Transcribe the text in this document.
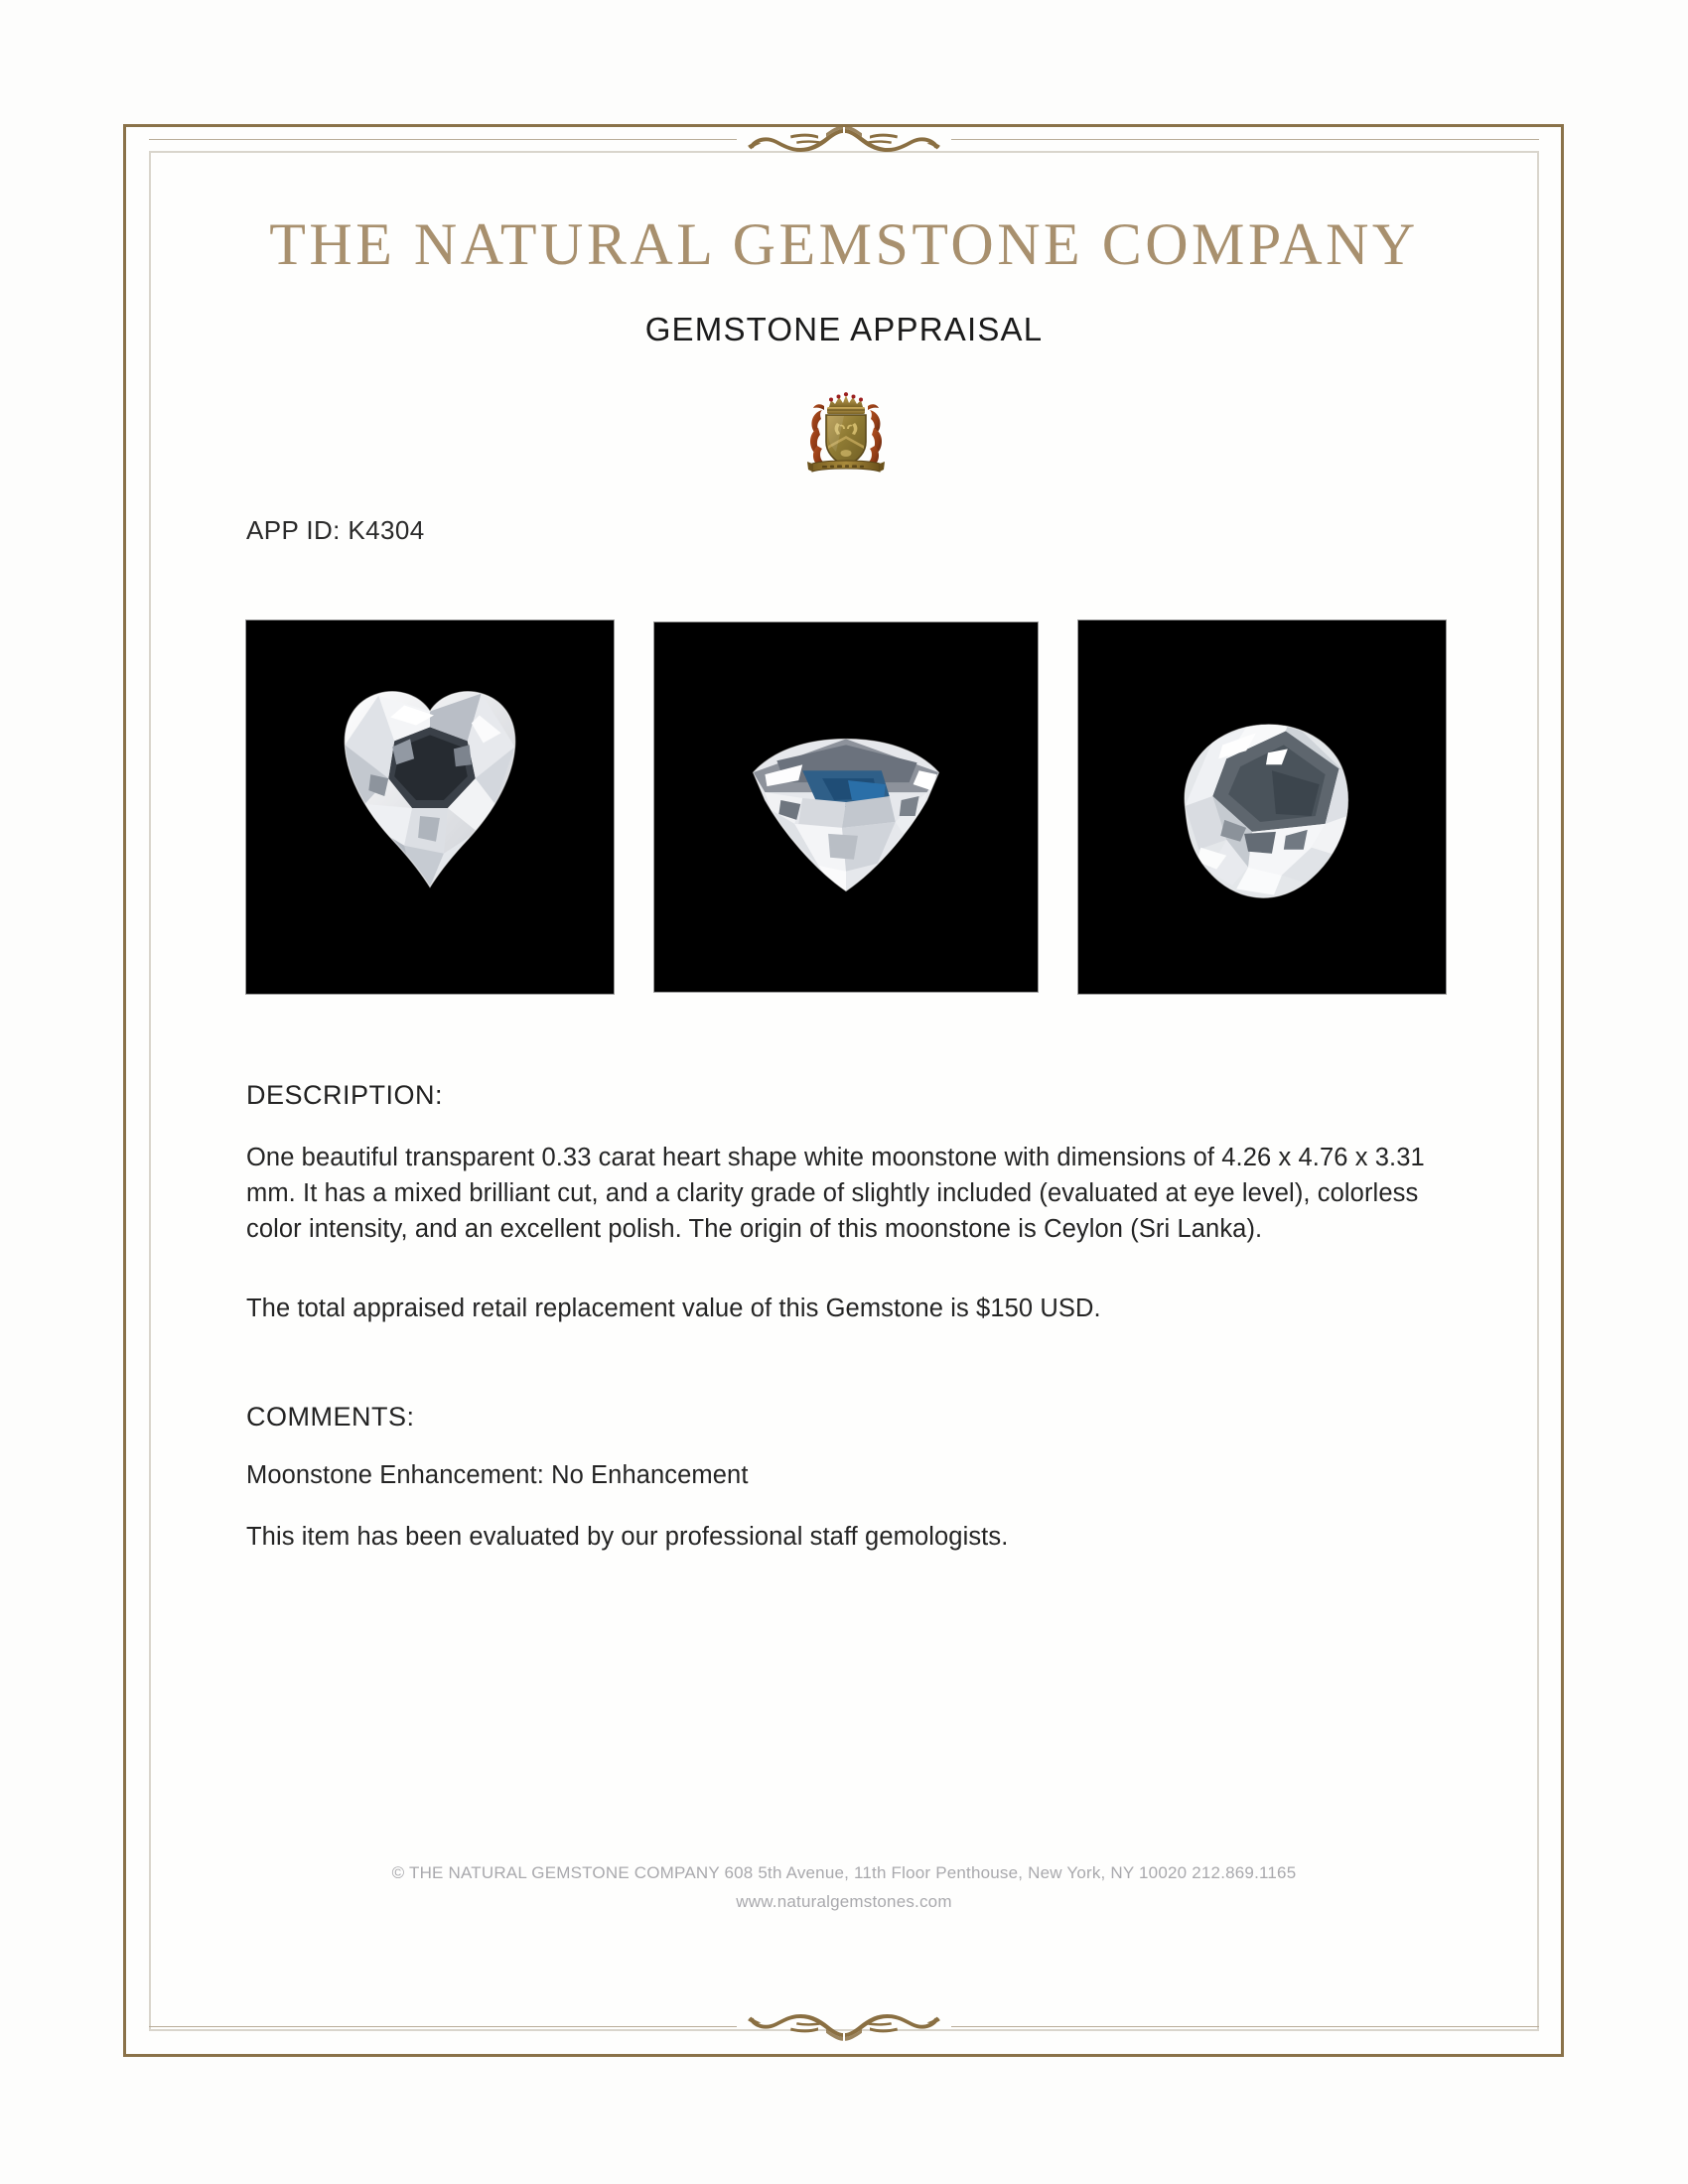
THE NATURAL GEMSTONE COMPANY
GEMSTONE APPRAISAL
APP ID: K4304
DESCRIPTION:
One beautiful transparent 0.33 carat heart shape white moonstone with dimensions of 4.26 x 4.76 x 3.31 mm. It has a mixed brilliant cut, and a clarity grade of slightly included (evaluated at eye level), colorless color intensity, and an excellent polish. The origin of this moonstone is Ceylon (Sri Lanka).
The total appraised retail replacement value of this Gemstone is $150 USD.
COMMENTS:
Moonstone Enhancement: No Enhancement
This item has been evaluated by our professional staff gemologists.
© THE NATURAL GEMSTONE COMPANY 608 5th Avenue, 11th Floor Penthouse, New York, NY 10020 212.869.1165
www.naturalgemstones.com
